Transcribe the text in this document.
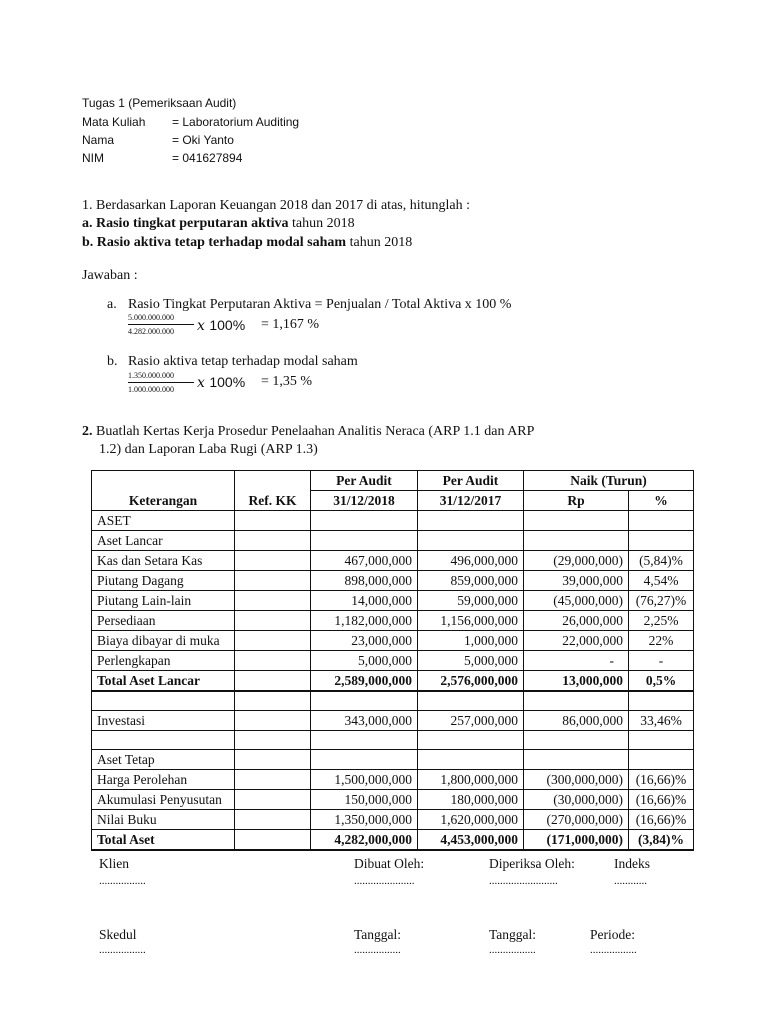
Tugas 1 (Pemeriksaan Audit)
Mata Kuliah = Laboratorium Auditing
Nama	= Oki Yanto
NIM	= 041627894
1. Berdasarkan Laporan Keuangan 2018 dan 2017 di atas, hitunglah :
a. Rasio tingkat perputaran aktiva tahun 2018
b. Rasio aktiva tetap terhadap modal saham tahun 2018
Jawaban :
a. Rasio Tingkat Perputaran Aktiva = Penjualan / Total Aktiva x 100 %
$\frac{5.000.000.000}{4.282.000.000}$ x 100% = 1,167 %
b. Rasio aktiva tetap terhadap modal saham
$\frac{1.350.000.000}{1.000.000.000}$ x 100% = 1,35 %
2. Buatlah Kertas Kerja Prosedur Penelaahan Analitis Neraca (ARP 1.1 dan ARP
1.2) dan Laporan Laba Rugi (ARP 1.3)
Keterangan	Ref. KK	Per Audit	Per Audit	Naik (Turun)	
		31/12/2018	31/12/2017	Rp	%
ASET					
Aset Lancar					
Kas dan Setara Kas		467,000,000	496,000,000	(29,000,000)	(5,84)%
Piutang Dagang		898,000,000	859,000,000	39,000,000	4,54%
Piutang Lain-lain		14,000,000	59,000,000	(45,000,000)	(76,27)%
Persediaan		1,182,000,000	1,156,000,000	26,000,000	2,25%
Biaya dibayar di muka		23,000,000	1,000,000	22,000,000	22%
Perlengkapan		5,000,000	5,000,000	-	-
Total Aset Lancar		2,589,000,000	2,576,000,000	13,000,000	0,5%

Investasi		343,000,000	257,000,000	86,000,000	33,46%

Aset Tetap					
Harga Perolehan		1,500,000,000	1,800,000,000	(300,000,000)	(16,66)%
Akumulasi Penyusutan		150,000,000	180,000,000	(30,000,000)	(16,66)%
Nilai Buku		1,350,000,000	1,620,000,000	(270,000,000)	(16,66)%
Total Aset		4,282,000,000	4,453,000,000	(171,000,000)	(3,84)%
Klien
.................
Dibuat Oleh:
......................
Diperiksa Oleh:
.........................
Indeks
............
Skedul
.................
Tanggal:
.................
Tanggal:
.................
Periode:
.................
